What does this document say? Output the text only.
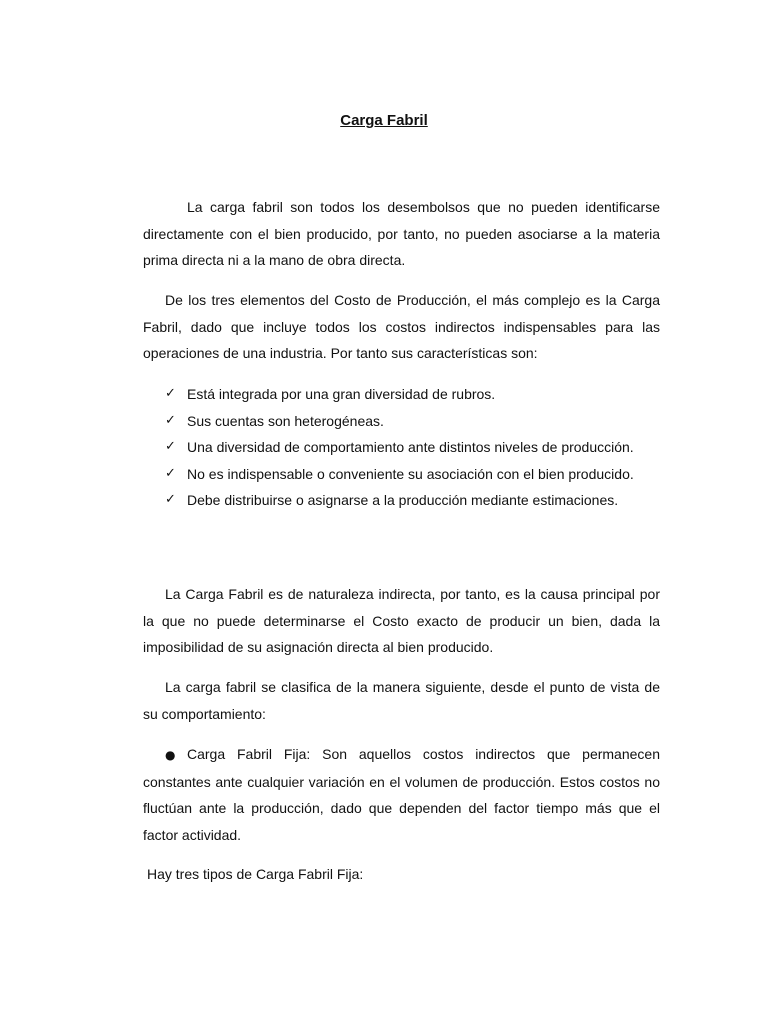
Carga Fabril

La carga fabril son todos los desembolsos que no pueden identificarse directamente con el bien producido, por tanto, no pueden asociarse a la materia prima directa ni a la mano de obra directa.

De los tres elementos del Costo de Producción, el más complejo es la Carga Fabril, dado que incluye todos los costos indirectos indispensables para las operaciones de una industria. Por tanto sus características son:

✓ Está integrada por una gran diversidad de rubros.
✓ Sus cuentas son heterogéneas.
✓ Una diversidad de comportamiento ante distintos niveles de producción.
✓ No es indispensable o conveniente su asociación con el bien producido.
✓ Debe distribuirse o asignarse a la producción mediante estimaciones.

La Carga Fabril es de naturaleza indirecta, por tanto, es la causa principal por la que no puede determinarse el Costo exacto de producir un bien, dada la imposibilidad de su asignación directa al bien producido.

La carga fabril se clasifica de la manera siguiente, desde el punto de vista de su comportamiento:

● Carga Fabril Fija: Son aquellos costos indirectos que permanecen constantes ante cualquier variación en el volumen de producción. Estos costos no fluctúan ante la producción, dado que dependen del factor tiempo más que el factor actividad.

Hay tres tipos de Carga Fabril Fija:
